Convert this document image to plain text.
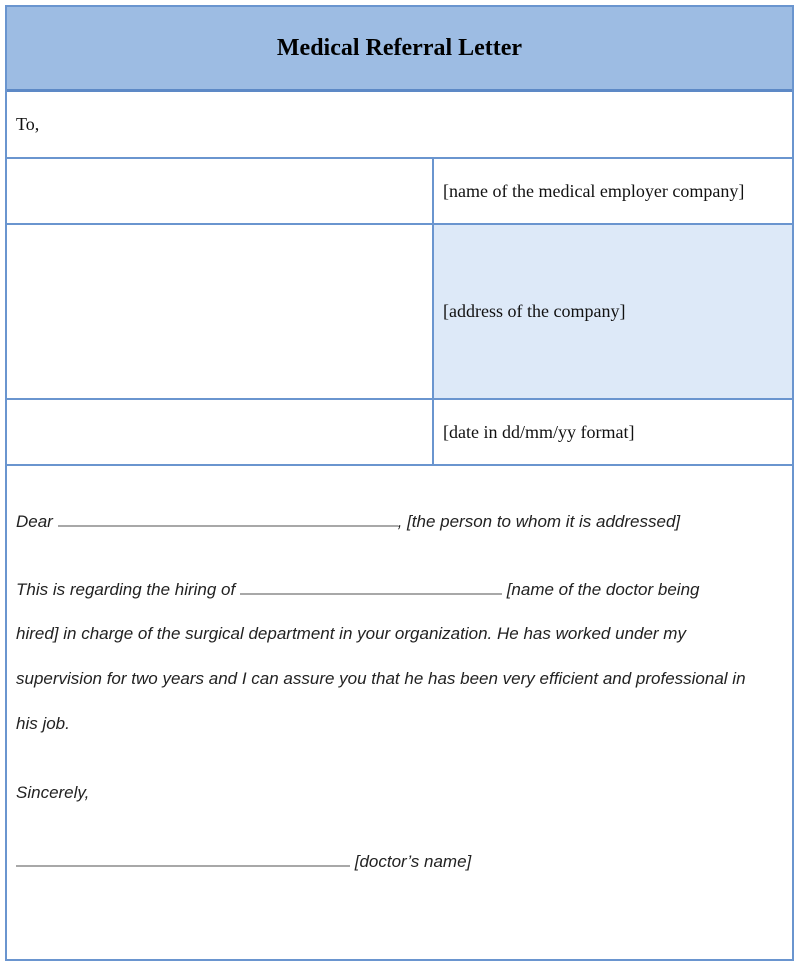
Medical Referral Letter
To,
[name of the medical employer company]
[address of the company]
[date in dd/mm/yy format]
Dear	, [the person to whom it is addressed]
This is regarding the hiring of	[name of the doctor being
hired] in charge of the surgical department in your organization. He has worked under my
supervision for two years and I can assure you that he has been very efficient and professional in
his job.
Sincerely,
[doctor’s name]
